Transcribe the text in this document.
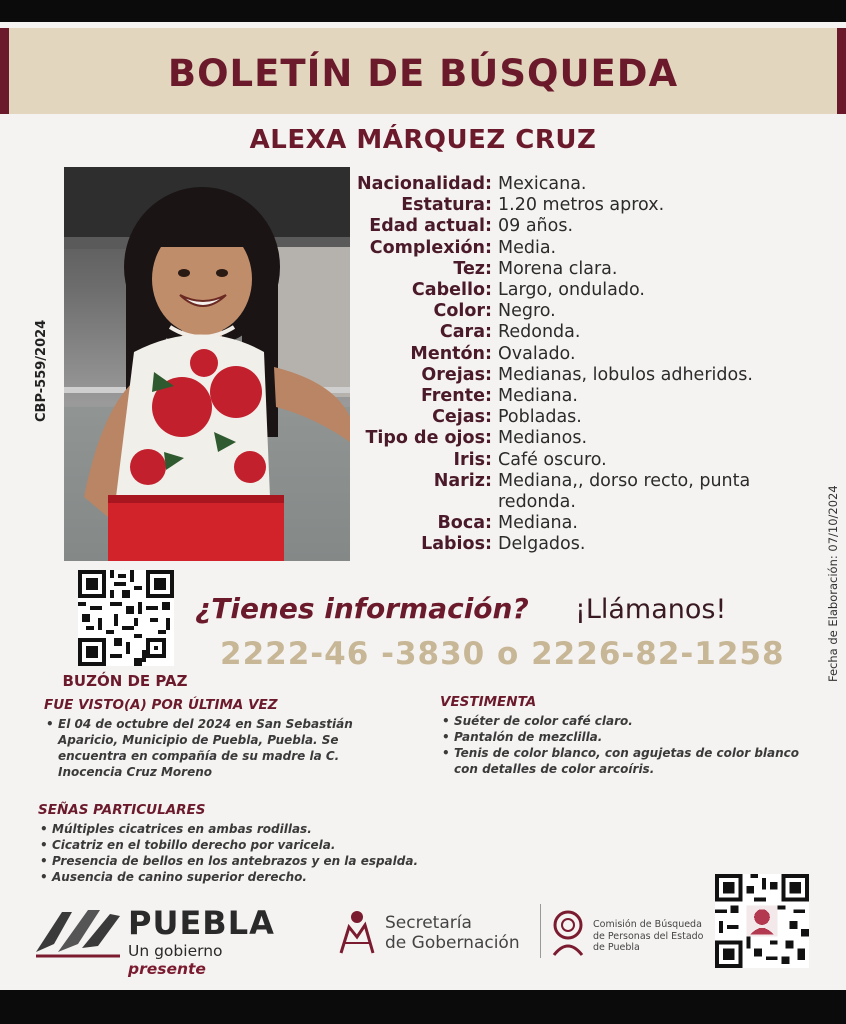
BOLETÍN DE BÚSQUEDA
ALEXA MÁRQUEZ CRUZ
CBP-559/2024
Nacionalidad: Mexicana.
Estatura: 1.20 metros aprox.
Edad actual: 09 años.
Complexión: Media.
Tez: Morena clara.
Cabello: Largo, ondulado.
Color: Negro.
Cara: Redonda.
Mentón: Ovalado.
Orejas: Medianas, lobulos adheridos.
Frente: Mediana.
Cejas: Pobladas.
Tipo de ojos: Medianos.
Iris: Café oscuro.
Nariz: Mediana,, dorso recto, punta redonda.
Boca: Mediana.
Labios: Delgados.	Fecha de Elaboración: 07/10/2024
BUZÓN DE PAZ
¿Tienes información? ¡Llámanos!
2222-46 -3830 o 2226-82-1258
FUE VISTO(A) POR ÚLTIMA VEZ
• El 04 de octubre del 2024 en San Sebastián Aparicio, Municipio de Puebla, Puebla. Se encuentra en compañía de su madre la C. Inocencia Cruz Moreno
VESTIMENTA
• Suéter de color café claro.
• Pantalón de mezclilla.
• Tenis de color blanco, con agujetas de color blanco con detalles de color arcoíris.
SEÑAS PARTICULARES
• Múltiples cicatrices en ambas rodillas.
• Cicatriz en el tobillo derecho por varicela.
• Presencia de bellos en los antebrazos y en la espalda.
• Ausencia de canino superior derecho.
PUEBLA
Un gobierno presente
Secretaría
de Gobernación
Comisión de Búsqueda
de Personas del Estado
de Puebla
